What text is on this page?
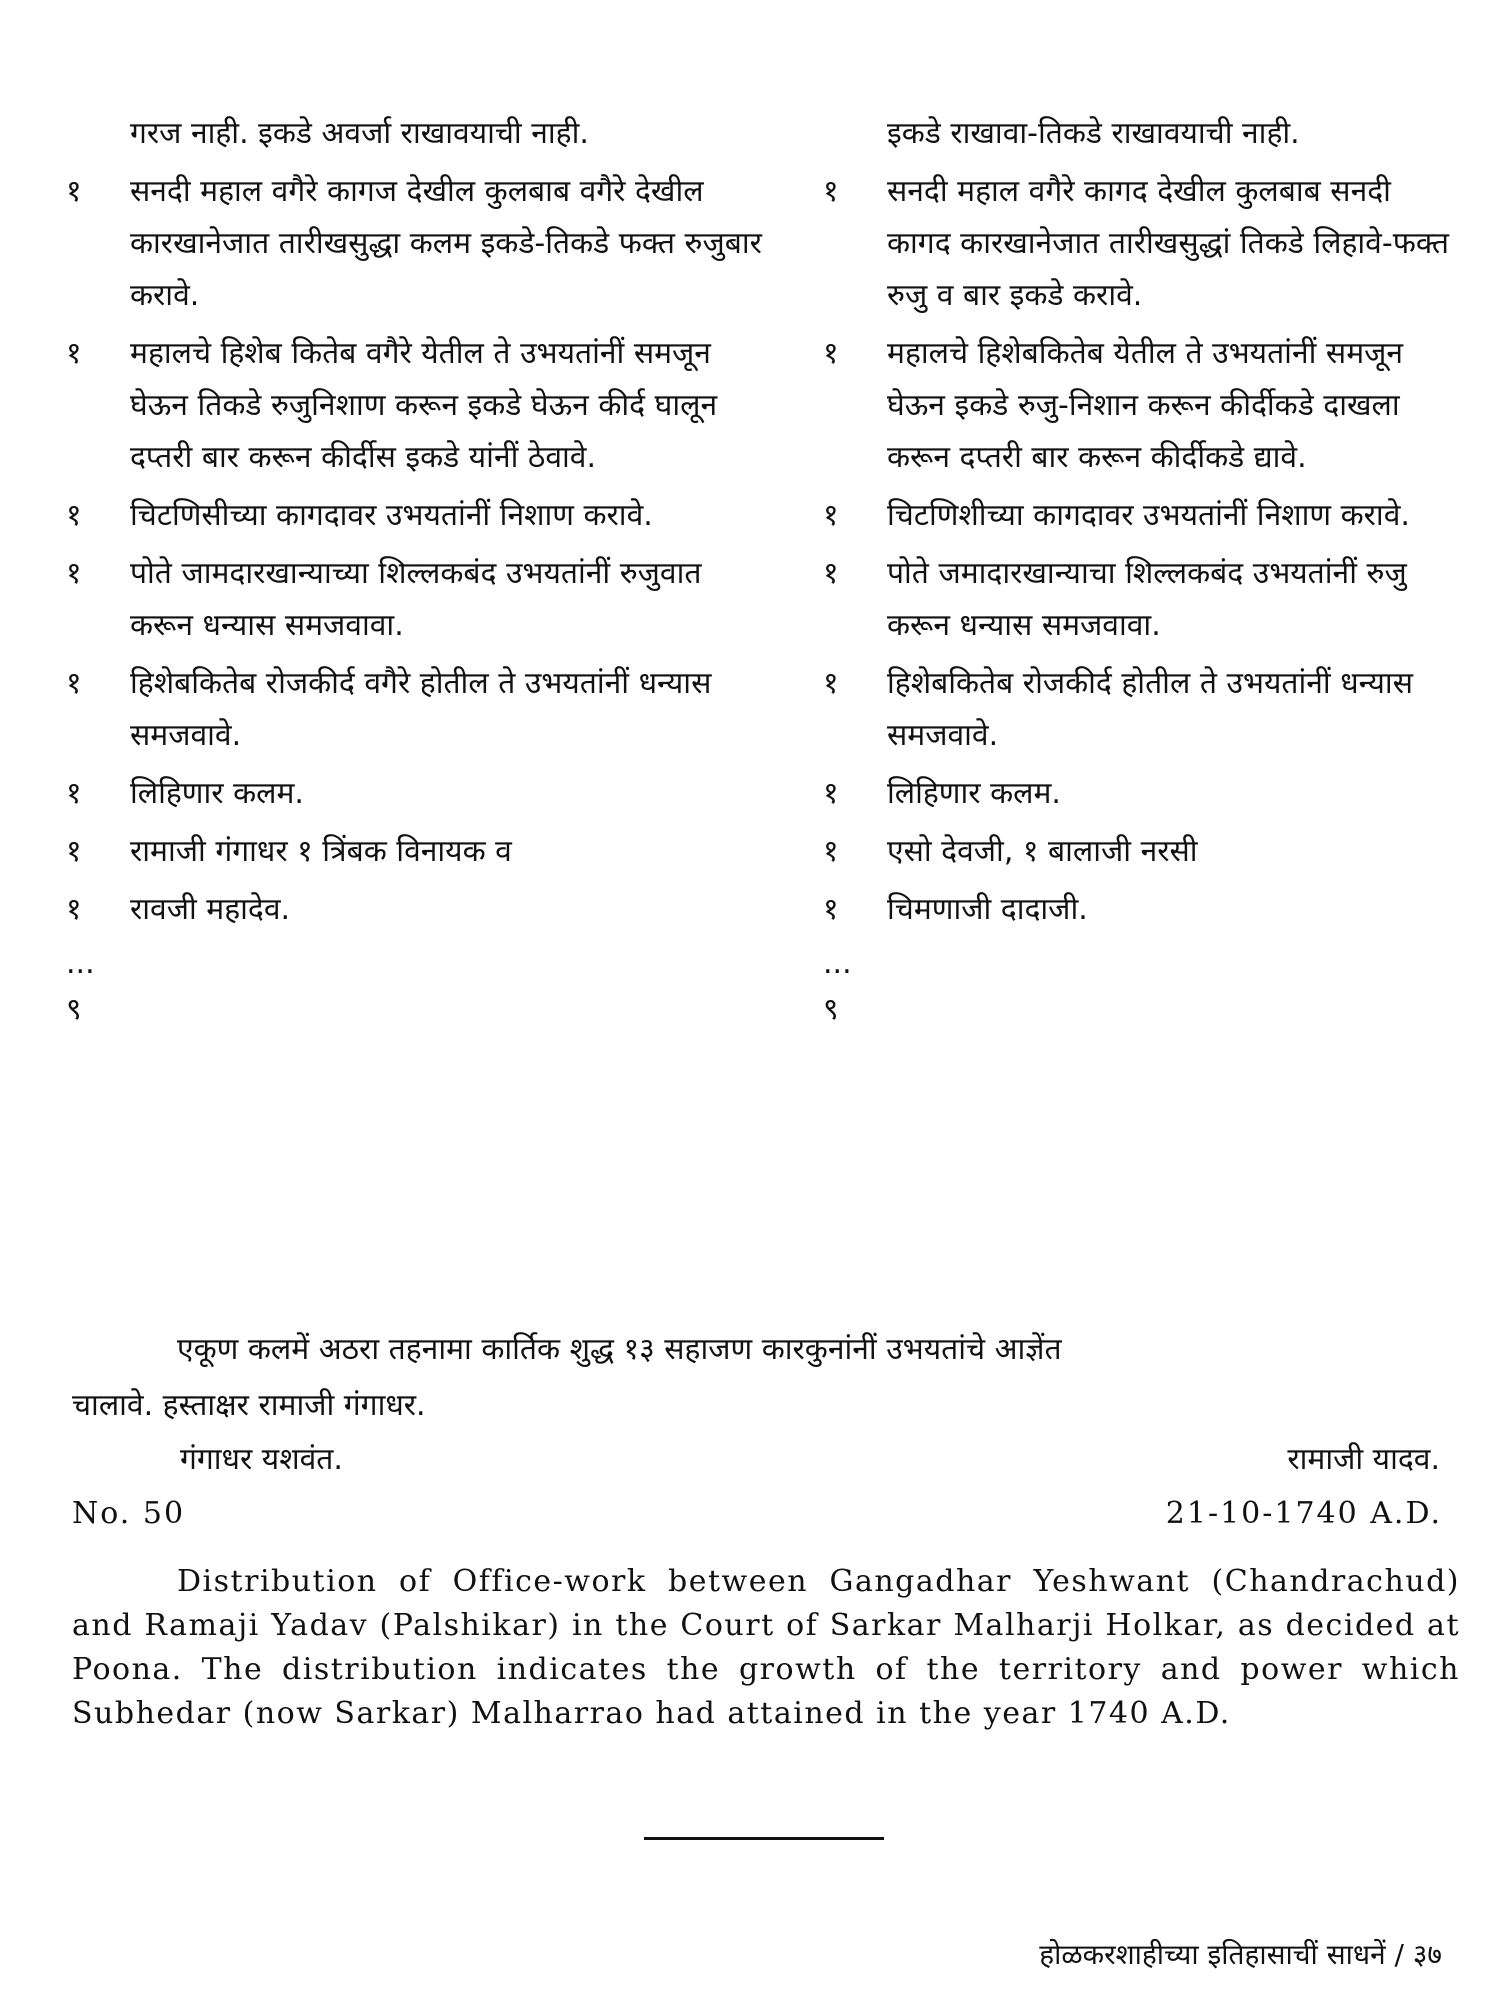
गरज नाही. इकडे अवर्जा राखावयाची नाही.
१	सनदी महाल वगैरे कागज देखील कुलबाब वगैरे देखील कारखानेजात तारीखसुद्धा कलम इकडे-तिकडे फक्त रुजुबार करावे.
१	महालचे हिशेब कितेब वगैरे येतील ते उभयतांनीं समजून घेऊन तिकडे रुजुनिशाण करून इकडे घेऊन कीर्द घालून दप्तरी बार करून कीर्दीस इकडे यांनीं ठेवावे.
१	चिटणिसीच्या कागदावर उभयतांनीं निशाण करावे.
१	पोते जामदारखान्याच्या शिल्लकबंद उभयतांनीं रुजुवात करून धन्यास समजवावा.
१	हिशेबकितेब रोजकीर्द वगैरे होतील ते उभयतांनीं धन्यास समजवावे.
१	लिहिणार कलम.
१	रामाजी गंगाधर १ त्रिंबक विनायक व
१	रावजी महादेव.
...
९
इकडे राखावा-तिकडे राखावयाची नाही.
१	सनदी महाल वगैरे कागद देखील कुलबाब सनदी कागद कारखानेजात तारीखसुद्धां तिकडे लिहावे-फक्त रुजु व बार इकडे करावे.
१	महालचे हिशेबकितेब येतील ते उभयतांनीं समजून घेऊन इकडे रुजु-निशान करून कीर्दीकडे दाखला करून दप्तरी बार करून कीर्दीकडे द्यावे.
१	चिटणिशीच्या कागदावर उभयतांनीं निशाण करावे.
१	पोते जमादारखान्याचा शिल्लकबंद उभयतांनीं रुजु करून धन्यास समजवावा.
१	हिशेबकितेब रोजकीर्द होतील ते उभयतांनीं धन्यास समजवावे.
१	लिहिणार कलम.
१	एसो देवजी, १ बालाजी नरसी
१	चिमणाजी दादाजी.
...
९
एकूण कलमें अठरा तहनामा कार्तिक शुद्ध १३ सहाजण कारकुनांनीं उभयतांचे आज्ञेंत
चालावे. हस्ताक्षर रामाजी गंगाधर.
गंगाधर यशवंत.	रामाजी यादव.
No. 50	21-10-1740 A.D.
Distribution of Office-work between Gangadhar Yeshwant (Chandrachud) and Ramaji Yadav (Palshikar) in the Court of Sarkar Malharji Holkar, as decided at Poona. The distribution indicates the growth of the territory and power which Subhedar (now Sarkar) Malharrao had attained in the year 1740 A.D.
होळकरशाहीच्या इतिहासाचीं साधनें / ३७
